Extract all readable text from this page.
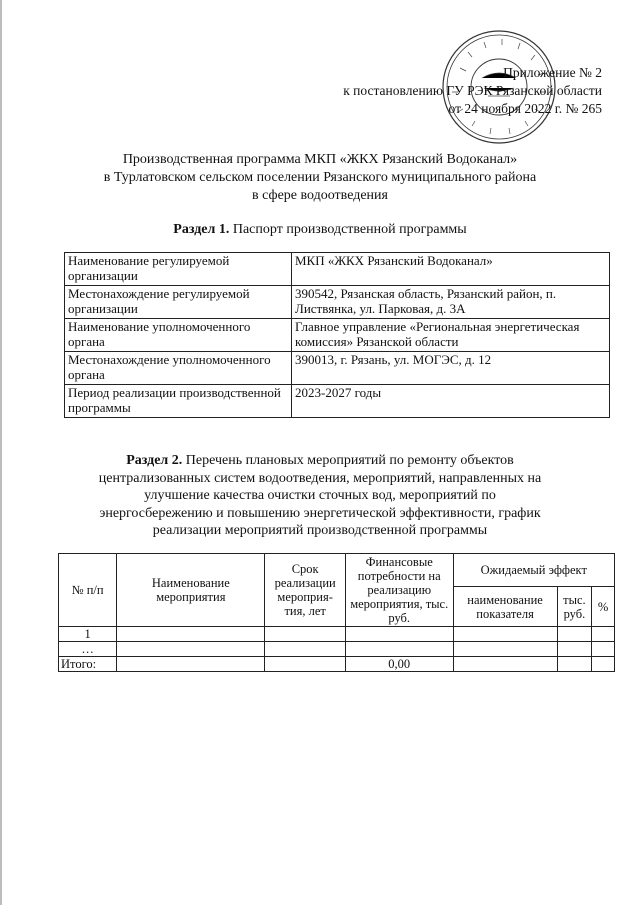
Приложение № 2
к постановлению ГУ РЭК Рязанской области
от 24 ноября 2022 г. № 265
Производственная программа МКП «ЖКХ Рязанский Водоканал»
в Турлатовском сельском поселении Рязанского муниципального района
в сфере водоотведения
Раздел 1. Паспорт производственной программы
Наименование регулируемой организации	МКП «ЖКХ Рязанский Водоканал»
Местонахождение регулируемой организации	390542, Рязанская область, Рязанский район, п. Листвянка, ул. Парковая, д. 3А
Наименование уполномоченного органа	Главное управление «Региональная энергетическая комиссия» Рязанской области
Местонахождение уполномоченного органа	390013, г. Рязань, ул. МОГЭС, д. 12
Период реализации производственной программы	2023-2027 годы
Раздел 2. Перечень плановых мероприятий по ремонту объектов централизованных систем водоотведения, мероприятий, направленных на улучшение качества очистки сточных вод, мероприятий по энергосбережению и повышению энергетической эффективности, график реализации мероприятий производственной программы
№ п/п	Наименование мероприятия	Срок реализации мероприя-тия, лет	Финансовые потребности на реализацию мероприятия, тыс. руб.	Ожидаемый эффект		
				наименование показателя	тыс. руб.	%
1						
…						
Итого:			0,00			
